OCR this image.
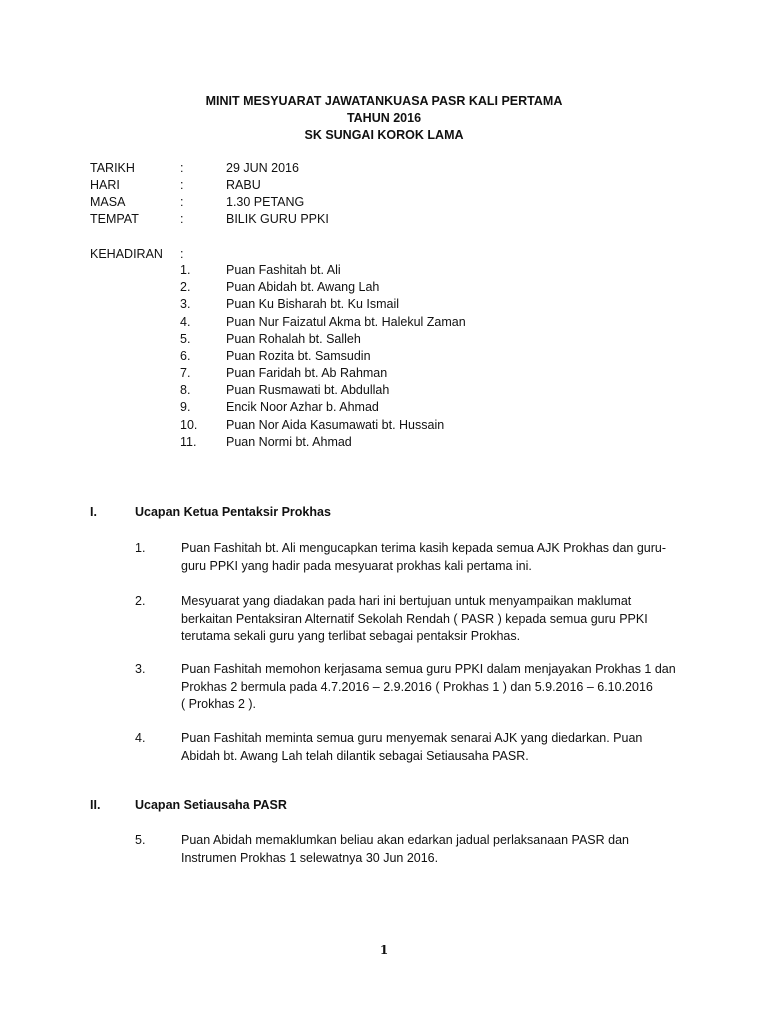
MINIT MESYUARAT JAWATANKUASA PASR KALI PERTAMA
TAHUN 2016
SK SUNGAI KOROK LAMA
TARIKH	:	29 JUN 2016
HARI	:	RABU
MASA	:	1.30 PETANG
TEMPAT	:	BILIK GURU PPKI
KEHADIRAN :
1.	Puan Fashitah bt. Ali
2.	Puan Abidah bt. Awang Lah
3.	Puan Ku Bisharah bt. Ku Ismail
4.	Puan Nur Faizatul Akma bt. Halekul Zaman
5.	Puan Rohalah bt. Salleh
6.	Puan Rozita bt. Samsudin
7.	Puan Faridah bt. Ab Rahman
8.	Puan Rusmawati bt. Abdullah
9.	Encik Noor Azhar b. Ahmad
10. Puan Nor Aida Kasumawati bt. Hussain
11. Puan Normi bt. Ahmad
I.	Ucapan Ketua Pentaksir Prokhas
1.	Puan Fashitah bt. Ali mengucapkan terima kasih kepada semua AJK Prokhas dan guru-
guru PPKI yang hadir pada mesyuarat prokhas kali pertama ini.
2.	Mesyuarat yang diadakan pada hari ini bertujuan untuk menyampaikan maklumat
berkaitan Pentaksiran Alternatif Sekolah Rendah ( PASR ) kepada semua guru PPKI
terutama sekali guru yang terlibat sebagai pentaksir Prokhas.
3.	Puan Fashitah memohon kerjasama semua guru PPKI dalam menjayakan Prokhas 1 dan
Prokhas 2 bermula pada 4.7.2016 – 2.9.2016 ( Prokhas 1 ) dan 5.9.2016 – 6.10.2016
( Prokhas 2 ).
4.	Puan Fashitah meminta semua guru menyemak senarai AJK yang diedarkan. Puan
Abidah bt. Awang Lah telah dilantik sebagai Setiausaha PASR.
II.	Ucapan Setiausaha PASR
5.	Puan Abidah memaklumkan beliau akan edarkan jadual perlaksanaan PASR dan
Instrumen Prokhas 1 selewatnya 30 Jun 2016.
1
